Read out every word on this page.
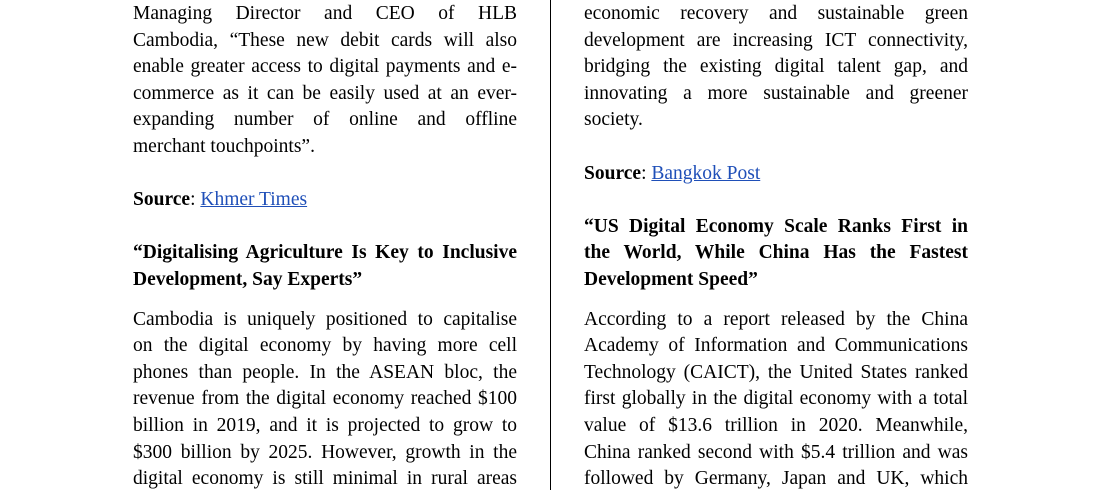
Managing Director and CEO of HLB
Cambodia, “These new debit cards will also
enable greater access to digital payments and e-
commerce as it can be easily used at an ever-
expanding number of online and offline
merchant touchpoints”.
Source: Khmer Times
“Digitalising Agriculture Is Key to Inclusive
Development, Say Experts”
Cambodia is uniquely positioned to capitalise
on the digital economy by having more cell
phones than people. In the ASEAN bloc, the
revenue from the digital economy reached $100
billion in 2019, and it is projected to grow to
$300 billion by 2025. However, growth in the
digital economy is still minimal in rural areas
economic recovery and sustainable green
development are increasing ICT connectivity,
bridging the existing digital talent gap, and
innovating a more sustainable and greener
society.
Source: Bangkok Post
“US Digital Economy Scale Ranks First in
the World, While China Has the Fastest
Development Speed”
According to a report released by the China
Academy of Information and Communications
Technology (CAICT), the United States ranked
first globally in the digital economy with a total
value of $13.6 trillion in 2020. Meanwhile,
China ranked second with $5.4 trillion and was
followed by Germany, Japan and UK, which
